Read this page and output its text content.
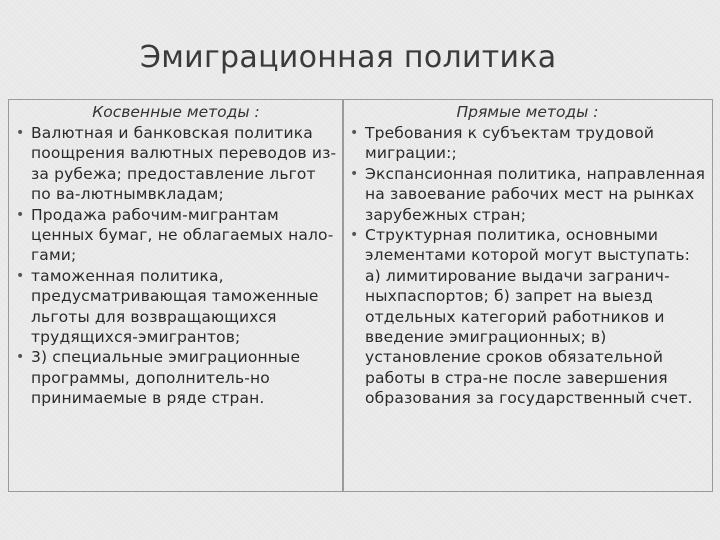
Эмиграционная политика
Косвенные методы :
• Валютная и банковская политика поощрения валютных переводов из-за рубежа; предоставление льгот по ва-лютнымвкладам;
• Продажа рабочим-мигрантам ценных бумаг, не облагаемых нало-гами;
• таможенная политика, предусматривающая таможенные льготы для возвращающихся трудящихся-эмигрантов;
• 3) специальные эмиграционные программы, дополнитель-но принимаемые в ряде стран.
Прямые методы :
• Требования к субъектам трудовой миграции:;
• Экспансионная политика, направленная на завоевание рабочих мест на рынках зарубежных стран;
• Структурная политика, основными элементами которой могут выступать: а) лимитирование выдачи загранич-ныхпаспортов; б) запрет на выезд отдельных категорий работников и введение эмиграционных; в) установление сроков обязательной работы в стра-не после завершения образования за государственный счет.
